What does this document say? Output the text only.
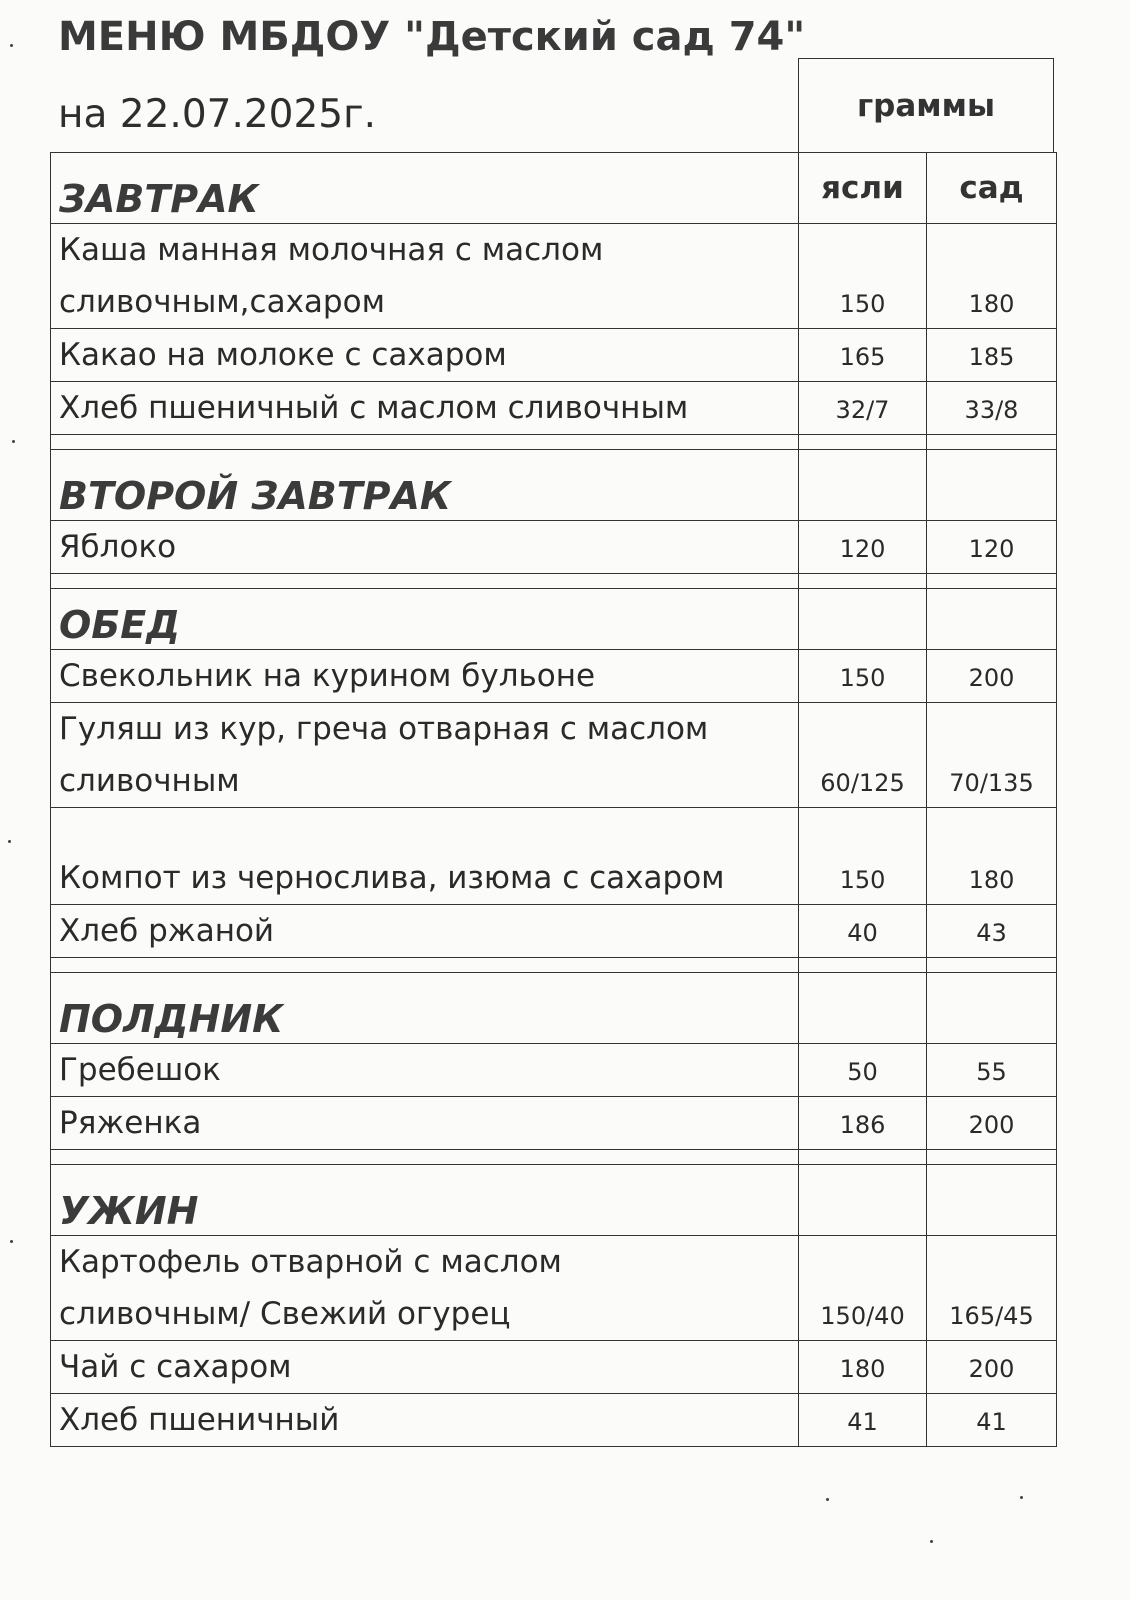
МЕНЮ МБДОУ "Детский сад 74"
на 22.07.2025г.	граммы
ЗАВТРАК	ясли	сад

Каша манная молочная с маслом
сливочным,сахаром	150	180
Какао на молоке с сахаром	165	185
Хлеб пшеничный с маслом сливочным	32/7	33/8

ВТОРОЙ ЗАВТРАК		
Яблоко	120	120

ОБЕД		
Свекольник на курином бульоне	150	200

Гуляш из кур, греча отварная с маслом
сливочным	60/125	70/135

Компот из чернослива, изюма с сахаром	150	180
Хлеб ржаной	40	43

ПОЛДНИК		
Гребешок	50	55
Ряженка	186	200

УЖИН		

Картофель отварной с маслом
сливочным/ Свежий огурец	150/40	165/45
Чай с сахаром	180	200
Хлеб пшеничный	41	41
